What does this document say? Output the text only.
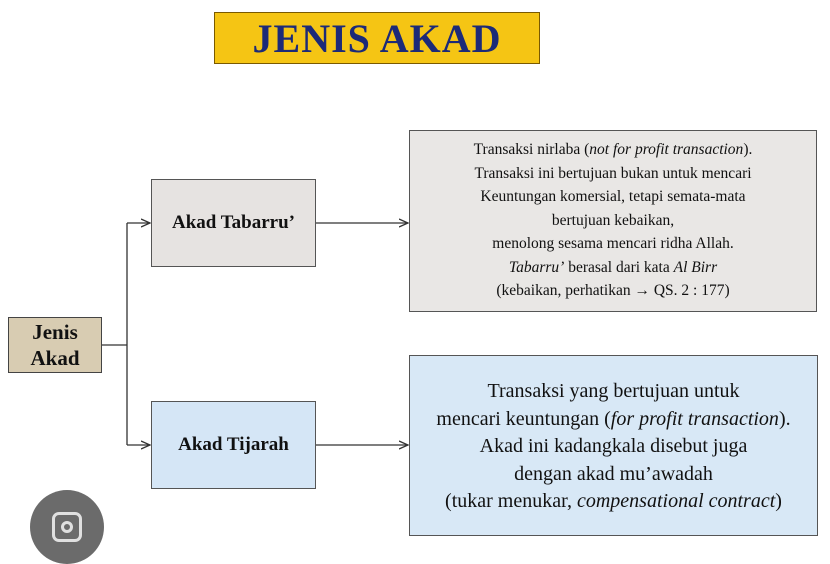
JENIS AKAD
Jenis
Akad
Akad Tabarru’
Akad Tijarah
Transaksi nirlaba (not for profit transaction).
Transaksi ini bertujuan bukan untuk mencari
Keuntungan komersial, tetapi semata-mata
bertujuan kebaikan,
menolong sesama mencari ridha Allah.
Tabarru’ berasal dari kata Al Birr
(kebaikan, perhatikan → QS. 2 : 177)
Transaksi yang bertujuan untuk
mencari keuntungan (for profit transaction).
Akad ini kadangkala disebut juga
dengan akad mu’awadah
(tukar menukar, compensational contract)
